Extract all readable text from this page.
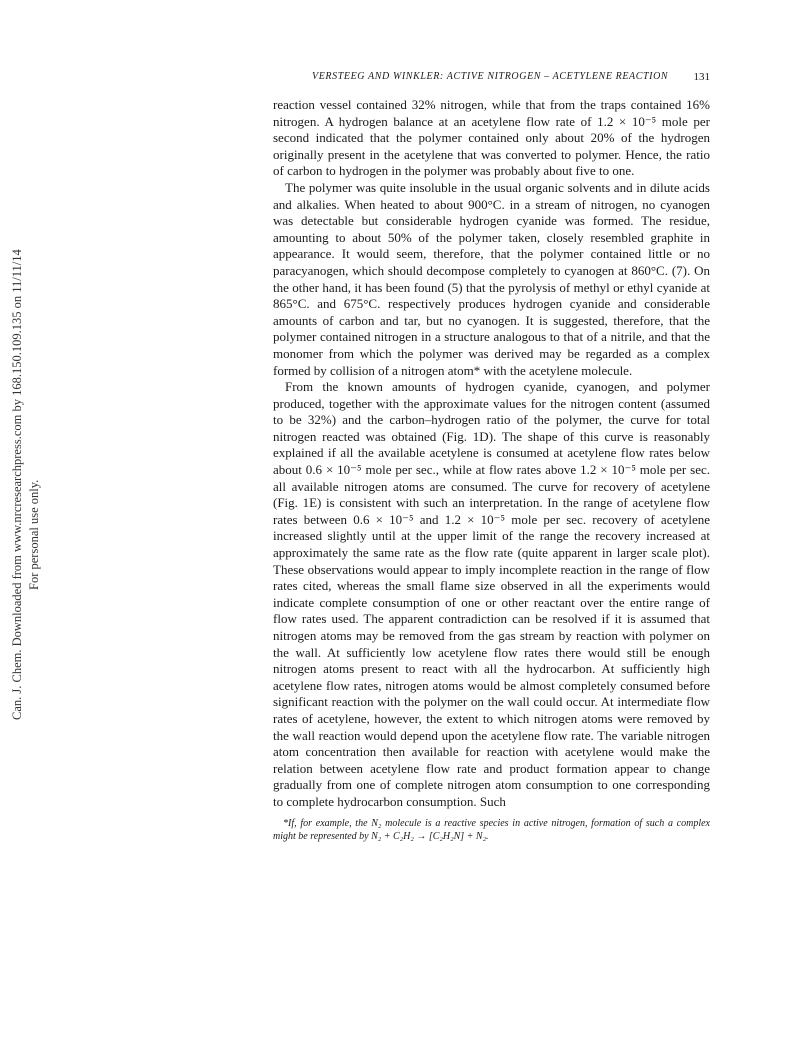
Can. J. Chem. Downloaded from www.nrcresearchpress.com by 168.150.109.135 on 11/11/14 For personal use only.
VERSTEEG AND WINKLER: ACTIVE NITROGEN – ACETYLENE REACTION 131

reaction vessel contained 32% nitrogen, while that from the traps contained 16% nitrogen. A hydrogen balance at an acetylene flow rate of 1.2 × 10⁻⁵ mole per second indicated that the polymer contained only about 20% of the hydrogen originally present in the acetylene that was converted to polymer. Hence, the ratio of carbon to hydrogen in the polymer was probably about five to one.

The polymer was quite insoluble in the usual organic solvents and in dilute acids and alkalies. When heated to about 900°C. in a stream of nitrogen, no cyanogen was detectable but considerable hydrogen cyanide was formed. The residue, amounting to about 50% of the polymer taken, closely resembled graphite in appearance. It would seem, therefore, that the polymer contained little or no paracyanogen, which should decompose completely to cyanogen at 860°C. (7). On the other hand, it has been found (5) that the pyrolysis of methyl or ethyl cyanide at 865°C. and 675°C. respectively produces hydrogen cyanide and considerable amounts of carbon and tar, but no cyanogen. It is suggested, therefore, that the polymer contained nitrogen in a structure analogous to that of a nitrile, and that the monomer from which the polymer was derived may be regarded as a complex formed by collision of a nitrogen atom* with the acetylene molecule.

From the known amounts of hydrogen cyanide, cyanogen, and polymer produced, together with the approximate values for the nitrogen content (assumed to be 32%) and the carbon–hydrogen ratio of the polymer, the curve for total nitrogen reacted was obtained (Fig. 1D). The shape of this curve is reasonably explained if all the available acetylene is consumed at acetylene flow rates below about 0.6 × 10⁻⁵ mole per sec., while at flow rates above 1.2 × 10⁻⁵ mole per sec. all available nitrogen atoms are consumed. The curve for recovery of acetylene (Fig. 1E) is consistent with such an interpretation. In the range of acetylene flow rates between 0.6 × 10⁻⁵ and 1.2 × 10⁻⁵ mole per sec. recovery of acetylene increased slightly until at the upper limit of the range the recovery increased at approximately the same rate as the flow rate (quite apparent in larger scale plot). These observations would appear to imply incomplete reaction in the range of flow rates cited, whereas the small flame size observed in all the experiments would indicate complete consumption of one or other reactant over the entire range of flow rates used. The apparent contradiction can be resolved if it is assumed that nitrogen atoms may be removed from the gas stream by reaction with polymer on the wall. At sufficiently low acetylene flow rates there would still be enough nitrogen atoms present to react with all the hydrocarbon. At sufficiently high acetylene flow rates, nitrogen atoms would be almost completely consumed before significant reaction with the polymer on the wall could occur. At intermediate flow rates of acetylene, however, the extent to which nitrogen atoms were removed by the wall reaction would depend upon the acetylene flow rate. The variable nitrogen atom concentration then available for reaction with acetylene would make the relation between acetylene flow rate and product formation appear to change gradually from one of complete nitrogen atom consumption to one corresponding to complete hydrocarbon consumption. Such

*If, for example, the N₂ molecule is a reactive species in active nitrogen, formation of such a complex might be represented by N₂ + C₂H₂ → [C₂H₂N] + N₂.
